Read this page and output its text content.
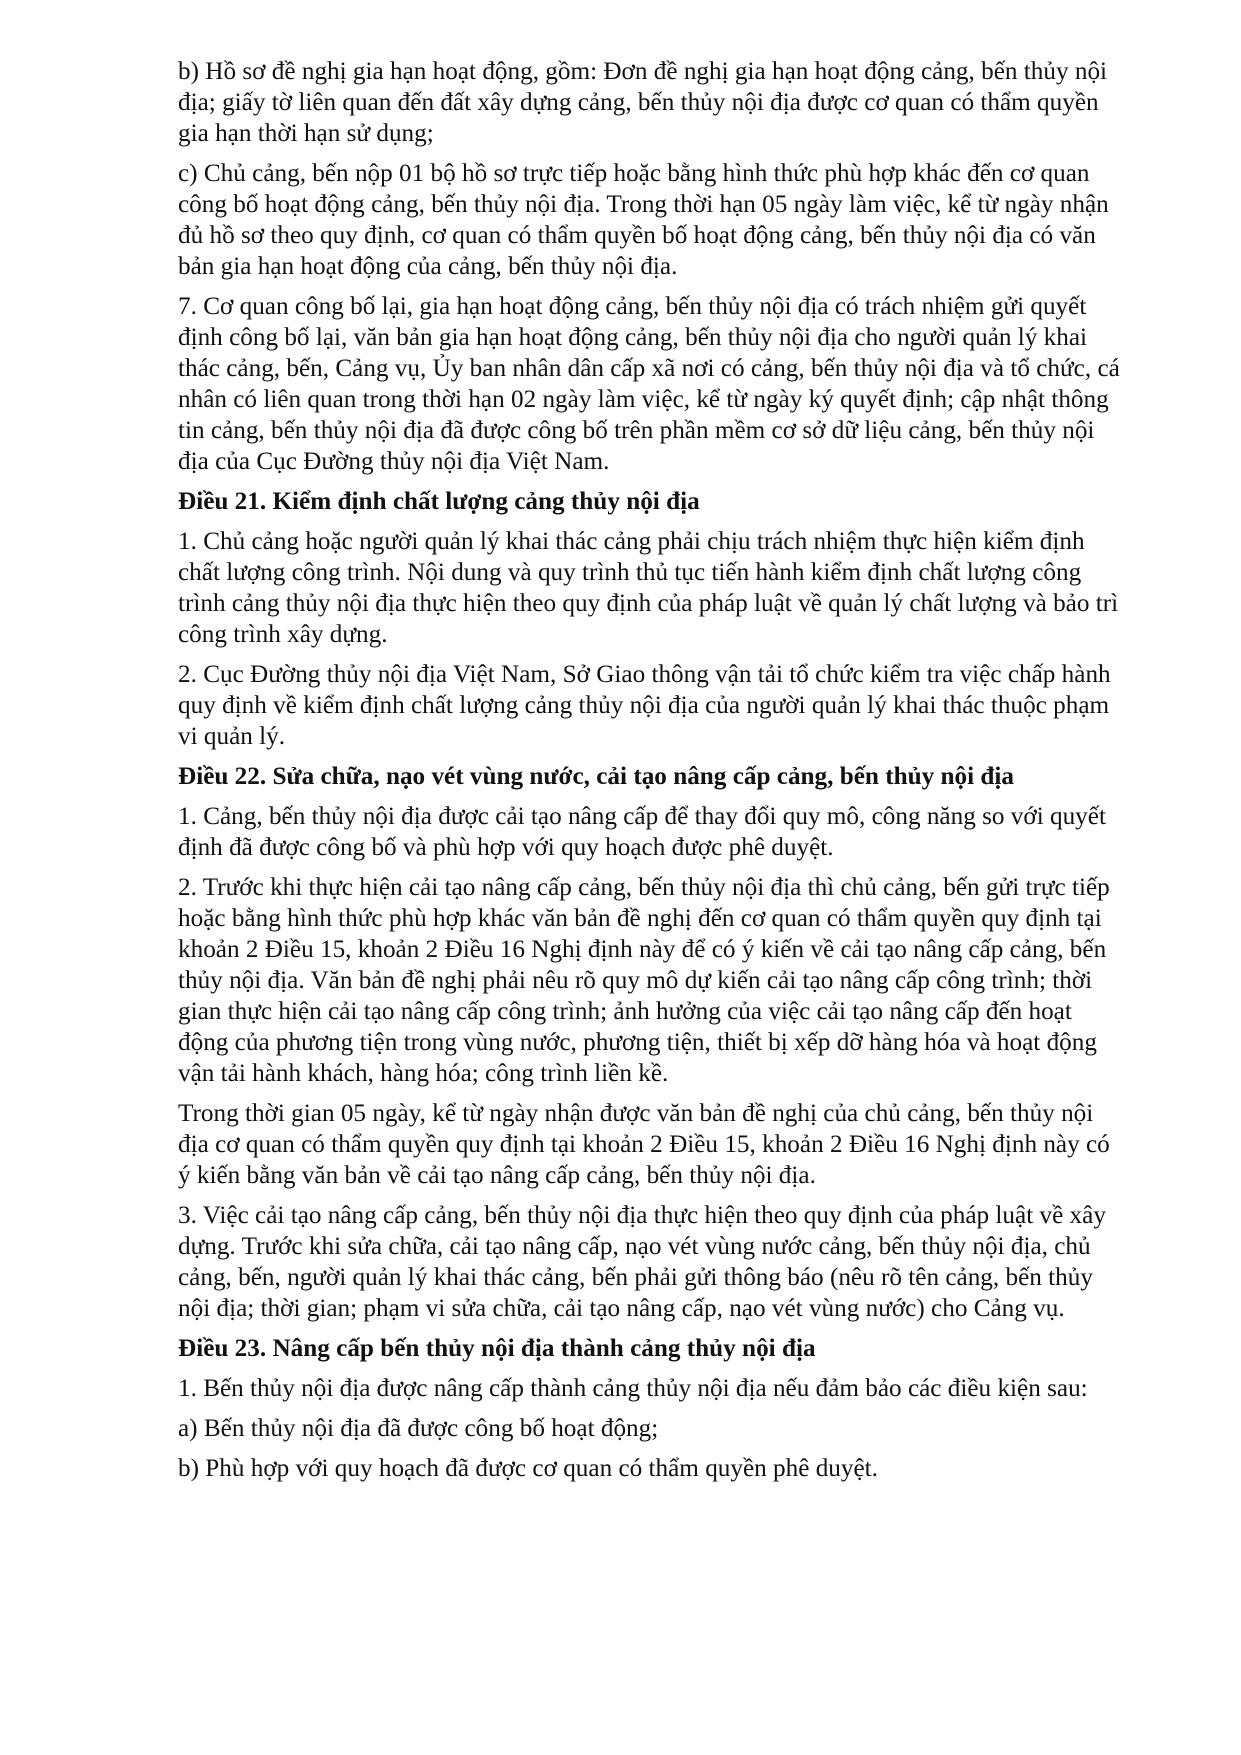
b) Hồ sơ đề nghị gia hạn hoạt động, gồm: Đơn đề nghị gia hạn hoạt động cảng, bến thủy nội địa; giấy tờ liên quan đến đất xây dựng cảng, bến thủy nội địa được cơ quan có thẩm quyền gia hạn thời hạn sử dụng;

c) Chủ cảng, bến nộp 01 bộ hồ sơ trực tiếp hoặc bằng hình thức phù hợp khác đến cơ quan công bố hoạt động cảng, bến thủy nội địa. Trong thời hạn 05 ngày làm việc, kể từ ngày nhận đủ hồ sơ theo quy định, cơ quan có thẩm quyền bố hoạt động cảng, bến thủy nội địa có văn bản gia hạn hoạt động của cảng, bến thủy nội địa.

7. Cơ quan công bố lại, gia hạn hoạt động cảng, bến thủy nội địa có trách nhiệm gửi quyết định công bố lại, văn bản gia hạn hoạt động cảng, bến thủy nội địa cho người quản lý khai thác cảng, bến, Cảng vụ, Ủy ban nhân dân cấp xã nơi có cảng, bến thủy nội địa và tổ chức, cá nhân có liên quan trong thời hạn 02 ngày làm việc, kể từ ngày ký quyết định; cập nhật thông tin cảng, bến thủy nội địa đã được công bố trên phần mềm cơ sở dữ liệu cảng, bến thủy nội địa của Cục Đường thủy nội địa Việt Nam.

Điều 21. Kiểm định chất lượng cảng thủy nội địa

1. Chủ cảng hoặc người quản lý khai thác cảng phải chịu trách nhiệm thực hiện kiểm định chất lượng công trình. Nội dung và quy trình thủ tục tiến hành kiểm định chất lượng công trình cảng thủy nội địa thực hiện theo quy định của pháp luật về quản lý chất lượng và bảo trì công trình xây dựng.

2. Cục Đường thủy nội địa Việt Nam, Sở Giao thông vận tải tổ chức kiểm tra việc chấp hành quy định về kiểm định chất lượng cảng thủy nội địa của người quản lý khai thác thuộc phạm vi quản lý.

Điều 22. Sửa chữa, nạo vét vùng nước, cải tạo nâng cấp cảng, bến thủy nội địa

1. Cảng, bến thủy nội địa được cải tạo nâng cấp để thay đổi quy mô, công năng so với quyết định đã được công bố và phù hợp với quy hoạch được phê duyệt.

2. Trước khi thực hiện cải tạo nâng cấp cảng, bến thủy nội địa thì chủ cảng, bến gửi trực tiếp hoặc bằng hình thức phù hợp khác văn bản đề nghị đến cơ quan có thẩm quyền quy định tại khoản 2 Điều 15, khoản 2 Điều 16 Nghị định này để có ý kiến về cải tạo nâng cấp cảng, bến thủy nội địa. Văn bản đề nghị phải nêu rõ quy mô dự kiến cải tạo nâng cấp công trình; thời gian thực hiện cải tạo nâng cấp công trình; ảnh hưởng của việc cải tạo nâng cấp đến hoạt động của phương tiện trong vùng nước, phương tiện, thiết bị xếp dỡ hàng hóa và hoạt động vận tải hành khách, hàng hóa; công trình liền kề.

Trong thời gian 05 ngày, kể từ ngày nhận được văn bản đề nghị của chủ cảng, bến thủy nội địa cơ quan có thẩm quyền quy định tại khoản 2 Điều 15, khoản 2 Điều 16 Nghị định này có ý kiến bằng văn bản về cải tạo nâng cấp cảng, bến thủy nội địa.

3. Việc cải tạo nâng cấp cảng, bến thủy nội địa thực hiện theo quy định của pháp luật về xây dựng. Trước khi sửa chữa, cải tạo nâng cấp, nạo vét vùng nước cảng, bến thủy nội địa, chủ cảng, bến, người quản lý khai thác cảng, bến phải gửi thông báo (nêu rõ tên cảng, bến thủy nội địa; thời gian; phạm vi sửa chữa, cải tạo nâng cấp, nạo vét vùng nước) cho Cảng vụ.

Điều 23. Nâng cấp bến thủy nội địa thành cảng thủy nội địa

1. Bến thủy nội địa được nâng cấp thành cảng thủy nội địa nếu đảm bảo các điều kiện sau:

a) Bến thủy nội địa đã được công bố hoạt động;

b) Phù hợp với quy hoạch đã được cơ quan có thẩm quyền phê duyệt.
